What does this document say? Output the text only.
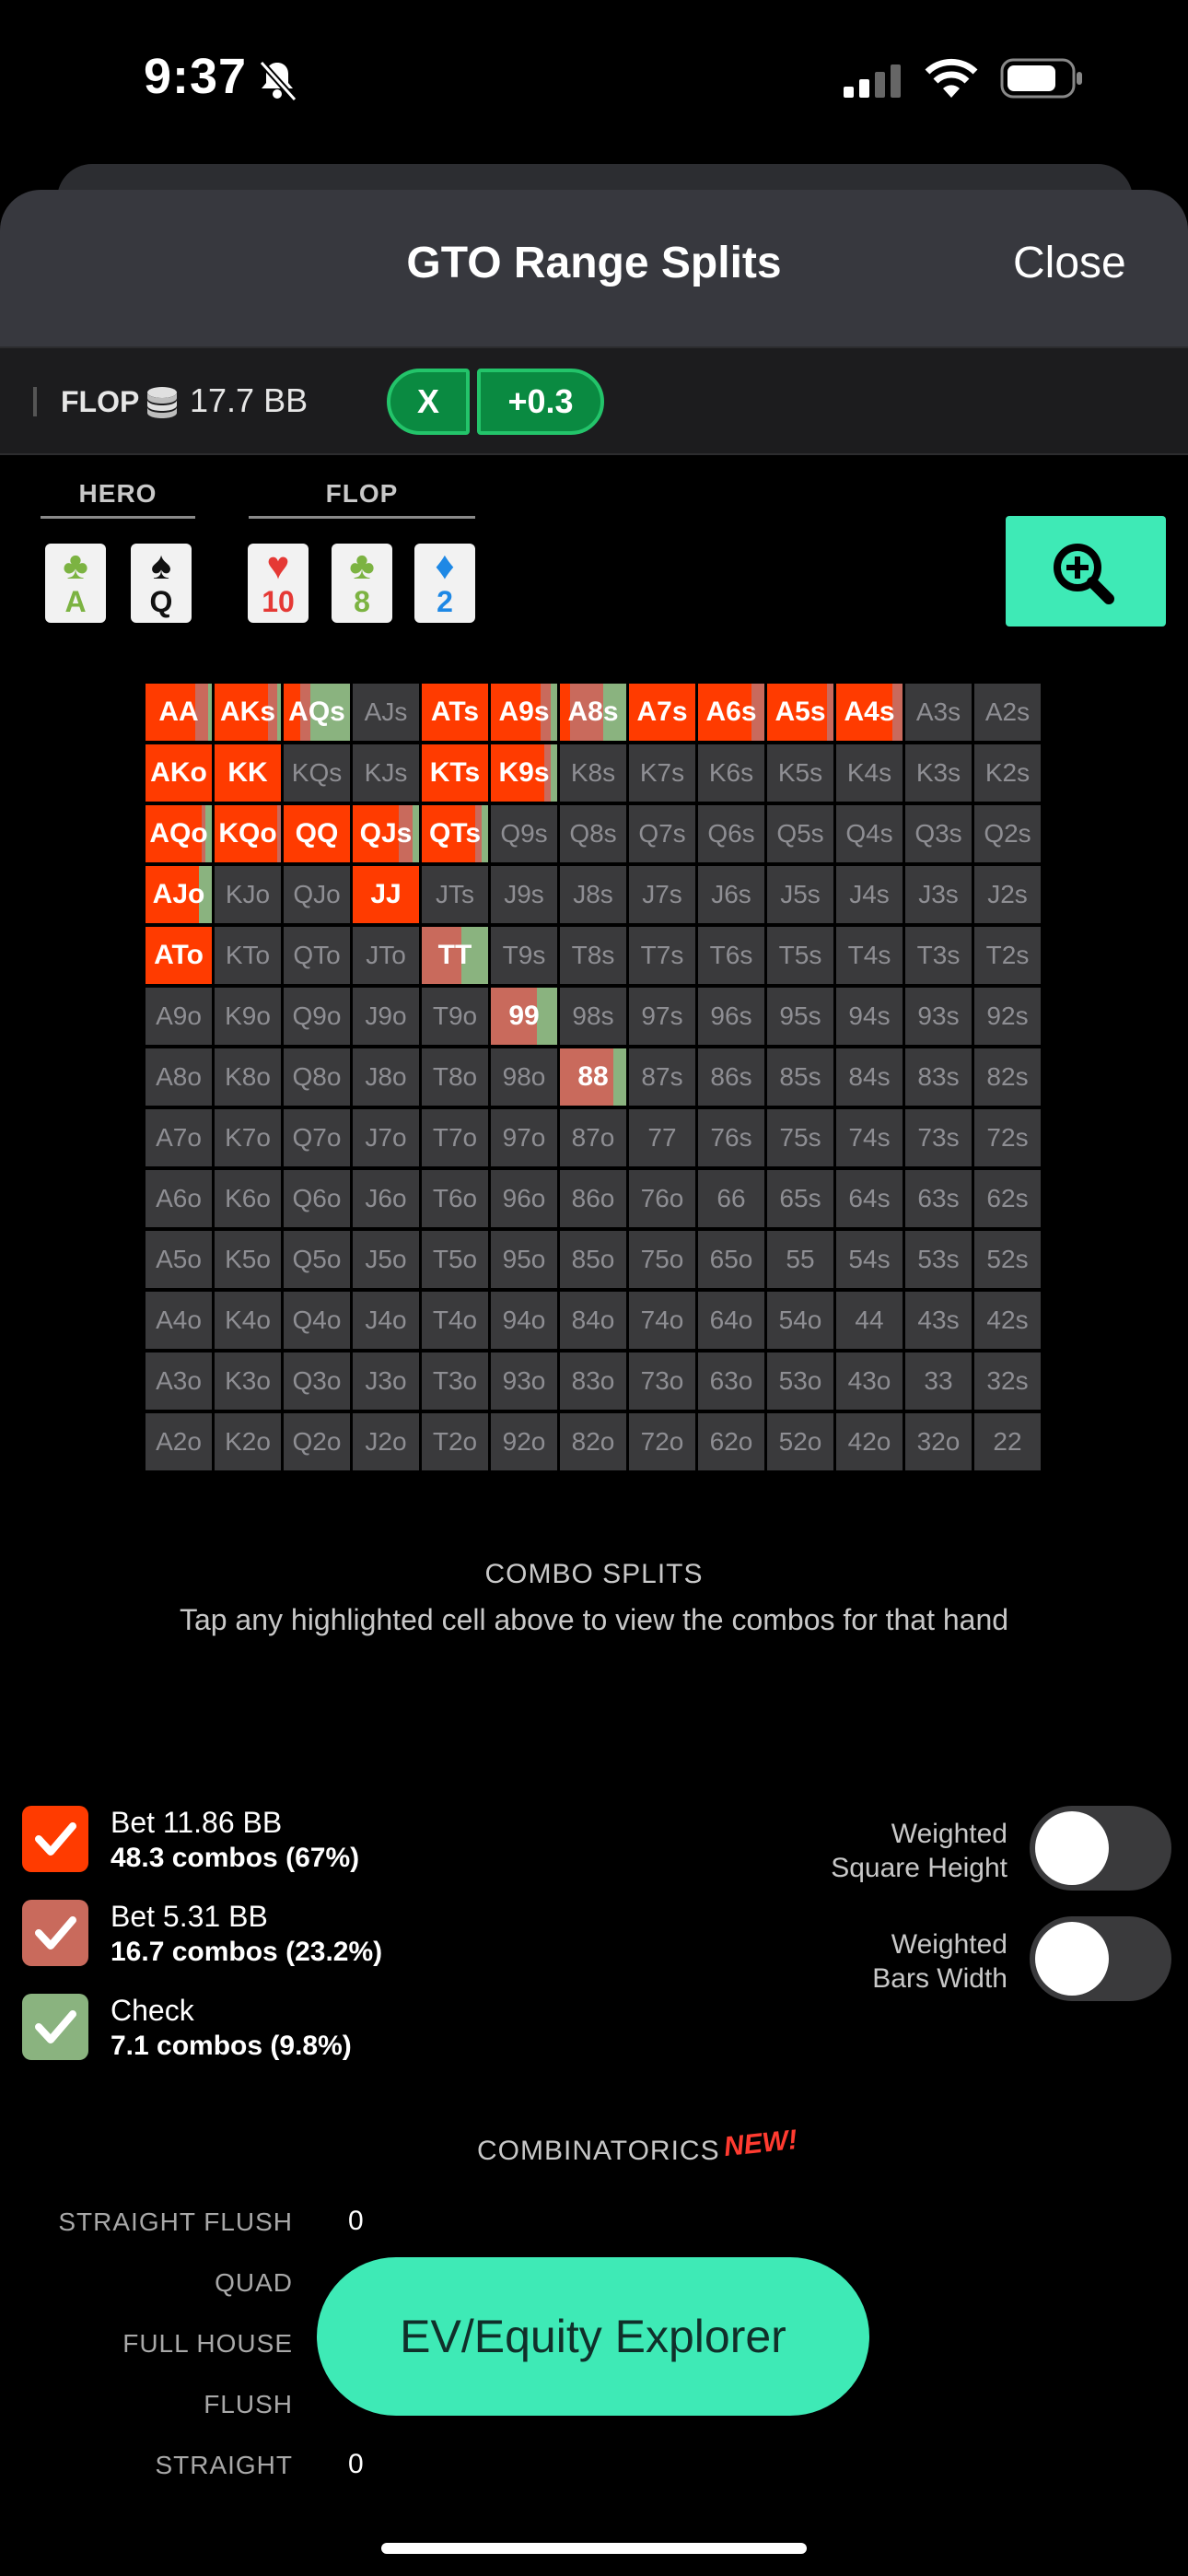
9:37
GTO Range Splits	Close
FLOP 17.7 BB	X	+0.3
HERO	FLOP
♣
A
♠
Q
♥
10
♣
8
♦
2
AA AKs AQs AJs ATs A9s A8s A7s A6s A5s A4s A3s A2s
AKo KK KQs KJs KTs K9s K8s K7s K6s K5s K4s K3s K2s
AQo KQo QQ QJs QTs Q9s Q8s Q7s Q6s Q5s Q4s Q3s Q2s
AJo KJo QJo JJ JTs J9s J8s J7s J6s J5s J4s J3s J2s
ATo KTo QTo JTo TT T9s T8s T7s T6s T5s T4s T3s T2s
A9o K9o Q9o J9o T9o 99 98s 97s 96s 95s 94s 93s 92s
A8o K8o Q8o J8o T8o 98o 88 87s 86s 85s 84s 83s 82s
A7o K7o Q7o J7o T7o 97o 87o 77 76s 75s 74s 73s 72s
A6o K6o Q6o J6o T6o 96o 86o 76o 66 65s 64s 63s 62s
A5o K5o Q5o J5o T5o 95o 85o 75o 65o 55 54s 53s 52s
A4o K4o Q4o J4o T4o 94o 84o 74o 64o 54o 44 43s 42s
A3o K3o Q3o J3o T3o 93o 83o 73o 63o 53o 43o 33 32s
A2o K2o Q2o J2o T2o 92o 82o 72o 62o 52o 42o 32o 22
COMBO SPLITS
Tap any highlighted cell above to view the combos for that hand
Bet 11.86 BB
48.3 combos (67%)
Bet 5.31 BB
16.7 combos (23.2%)
Check
7.1 combos (9.8%)
Weighted
Square Height
Weighted
Bars Width
COMBINATORICS NEW!
STRAIGHT FLUSH 0
QUAD
FULL HOUSE
FLUSH
STRAIGHT 0
EV/Equity Explorer
